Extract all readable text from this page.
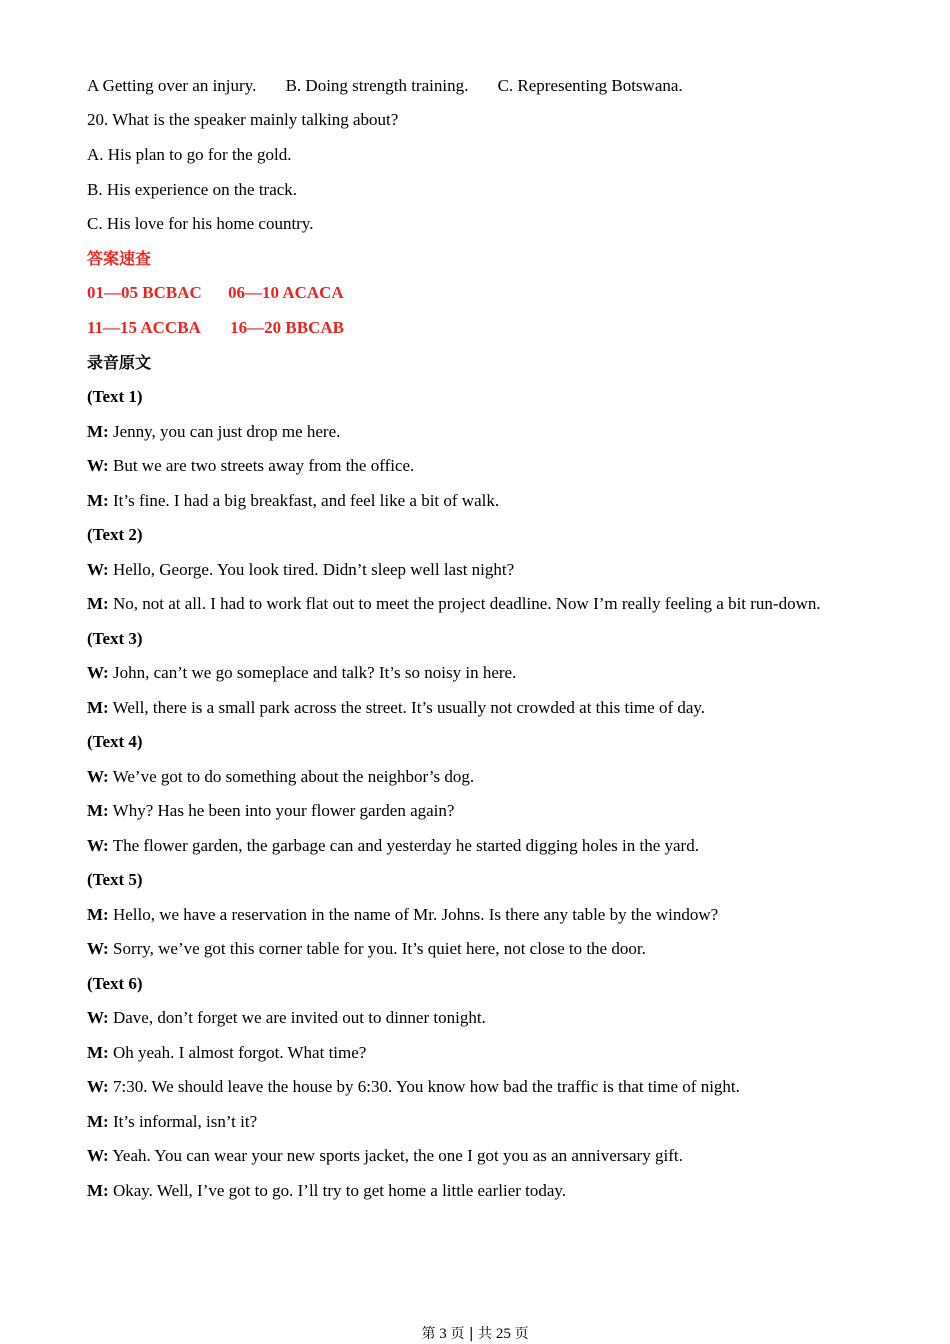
A Getting over an injury. B. Doing strength training. C. Representing Botswana.
20. What is the speaker mainly talking about?
A. His plan to go for the gold.
B. His experience on the track.
C. His love for his home country.
答案速查
01—05 BCBAC 06—10 ACACA
11—15 ACCBA 16—20 BBCAB
录音原文
(Text 1)
M: Jenny, you can just drop me here.
W: But we are two streets away from the office.
M: It’s fine. I had a big breakfast, and feel like a bit of walk.
(Text 2)
W: Hello, George. You look tired. Didn’t sleep well last night?
M: No, not at all. I had to work flat out to meet the project deadline. Now I’m really feeling a bit run-down.
(Text 3)
W: John, can’t we go someplace and talk? It’s so noisy in here.
M: Well, there is a small park across the street. It’s usually not crowded at this time of day.
(Text 4)
W: We’ve got to do something about the neighbor’s dog.
M: Why? Has he been into your flower garden again?
W: The flower garden, the garbage can and yesterday he started digging holes in the yard.
(Text 5)
M: Hello, we have a reservation in the name of Mr. Johns. Is there any table by the window?
W: Sorry, we’ve got this corner table for you. It’s quiet here, not close to the door.
(Text 6)
W: Dave, don’t forget we are invited out to dinner tonight.
M: Oh yeah. I almost forgot. What time?
W: 7:30. We should leave the house by 6:30. You know how bad the traffic is that time of night.
M: It’s informal, isn’t it?
W: Yeah. You can wear your new sports jacket, the one I got you as an anniversary gift.
M: Okay. Well, I’ve got to go. I’ll try to get home a little earlier today.
第 3 页 | 共 25 页
